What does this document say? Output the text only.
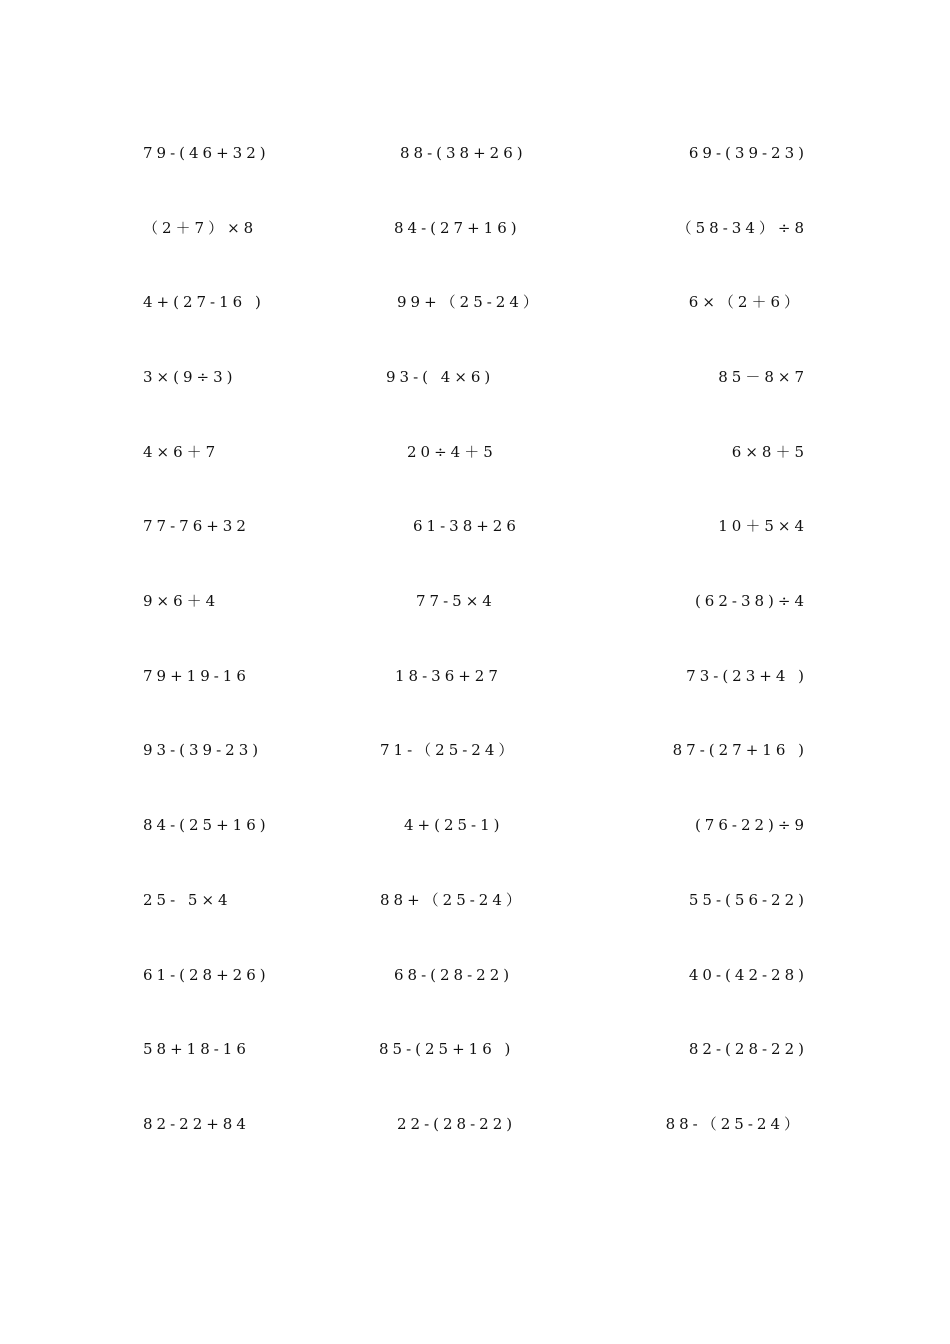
79-(46+32)	88-(38+26)	69-(39-23)
（2＋7）×8	84-(27+16)	（58-34）÷8
4+(27-16 )	99+（25-24）	6×（2＋6）
3×(9÷3)	93-( 4×6)	85－8×7
4×6＋7	20÷4＋5	6×8＋5
77-76+32	61-38+26	10＋5×4
9×6＋4	77-5×4	(62-38)÷4
79+19-16	18-36+27	73-(23+4 )
93-(39-23)	71-（25-24）	87-(27+16 )
84-(25+16)	4+(25-1)	(76-22)÷9
25- 5×4	88+（25-24）	55-(56-22)
61-(28+26)	68-(28-22)	40-(42-28)
58+18-16	85-(25+16 )	82-(28-22)
82-22+84	22-(28-22)	88-（25-24）
